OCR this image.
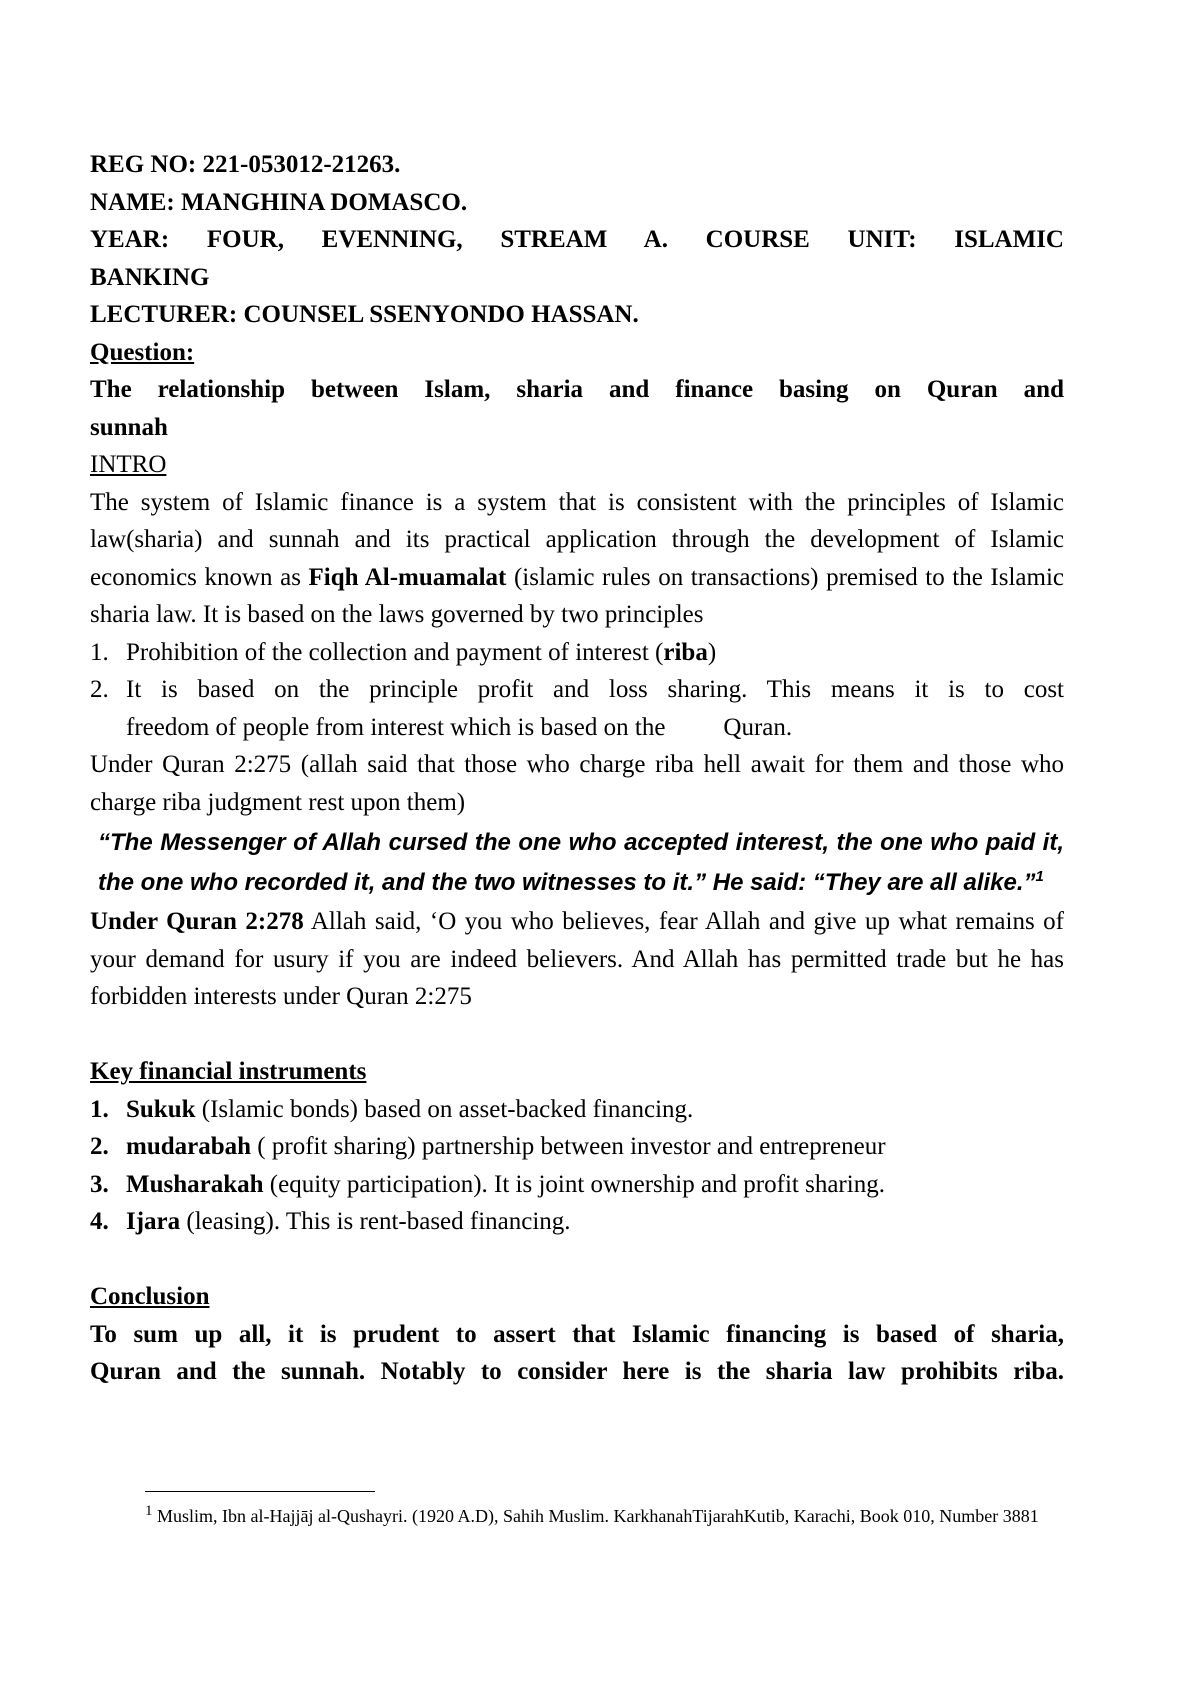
REG NO: 221-053012-21263.
NAME: MANGHINA DOMASCO.
YEAR: FOUR, EVENNING, STREAM A. COURSE UNIT: ISLAMIC
BANKING
LECTURER: COUNSEL SSENYONDO HASSAN.
Question:
The relationship between Islam, sharia and finance basing on Quran and
sunnah
INTRO
The system of Islamic finance is a system that is consistent with the principles of Islamic law(sharia) and sunnah and its practical application through the development of Islamic economics known as Fiqh Al-muamalat (islamic rules on transactions) premised to the Islamic sharia law. It is based on the laws governed by two principles
1. Prohibition of the collection and payment of interest (riba)
2. It is based on the principle profit and loss sharing. This means it is to cost
freedom of people from interest which is based on the Quran.
Under Quran 2:275 (allah said that those who charge riba hell await for them and those who charge riba judgment rest upon them)
“The Messenger of Allah cursed the one who accepted interest, the one who paid it, the one who recorded it, and the two witnesses to it.” He said: “They are all alike.”$^1$
Under Quran 2:278 Allah said, ‘O you who believes, fear Allah and give up what remains of your demand for usury if you are indeed believers. And Allah has permitted trade but he has forbidden interests under Quran 2:275
Key financial instruments
1. Sukuk (Islamic bonds) based on asset-backed financing.
2. mudarabah ( profit sharing) partnership between investor and entrepreneur
3. Musharakah (equity participation). It is joint ownership and profit sharing.
4. Ijara (leasing). This is rent-based financing.
Conclusion
To sum up all, it is prudent to assert that Islamic financing is based of sharia,
Quran and the sunnah. Notably to consider here is the sharia law prohibits riba.
$^1$ Muslim, Ibn al-Hajjāj al-Qushayri. (1920 A.D), Sahih Muslim. KarkhanahTijarahKutib, Karachi, Book 010, Number 3881
